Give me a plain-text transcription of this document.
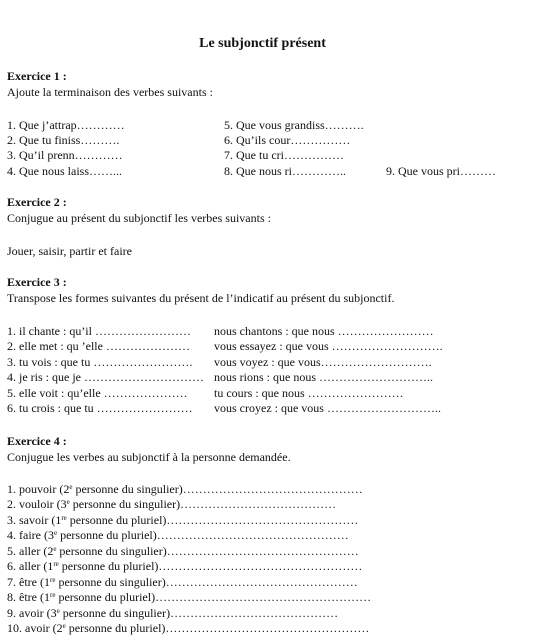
Le subjonctif présent
Exercice 1 :
Ajoute la terminaison des verbes suivants :
1. Que j’attrap…………
2. Que tu finiss……….
3. Qu’il prenn…………
4. Que nous laiss……...
5. Que vous grandiss……….
6. Qu’ils cour……………
7. Que tu cri……………
8. Que nous ri…………..	9. Que vous pri………
Exercice 2 :
Conjugue au présent du subjonctif les verbes suivants :
Jouer, saisir, partir et faire
Exercice 3 :
Transpose les formes suivantes du présent de l’indicatif au présent du subjonctif.
1. il chante : qu’il ……………………
2. elle met : qu ’elle …………………
3. tu vois : que tu …………………….
4. je ris : que je …………………………
5. elle voit : qu’elle …………………
6. tu crois : que tu ……………………
nous chantons : que nous ……………………
vous essayez : que vous ……………………….
vous voyez : que vous……………………….
nous rions : que nous ………………………..
tu cours : que nous ……………………
vous croyez : que vous ………………………..
Exercice 4 :
Conjugue les verbes au subjonctif à la personne demandée.
1. pouvoir (2e personne du singulier)………………………………………
2. vouloir (3e personne du singulier)…………………………………
3. savoir (1re personne du pluriel)…………………………………………
4. faire (3e personne du pluriel)…………………………………………
5. aller (2e personne du singulier)…………………………………………
6. aller (1re personne du pluriel)……………………………………………
7. être (1re personne du singulier)…………………………………………
8. être (1re personne du pluriel)………………………………………………
9. avoir (3e personne du singulier)……………………………………
10. avoir (2e personne du pluriel)……………………………………………
